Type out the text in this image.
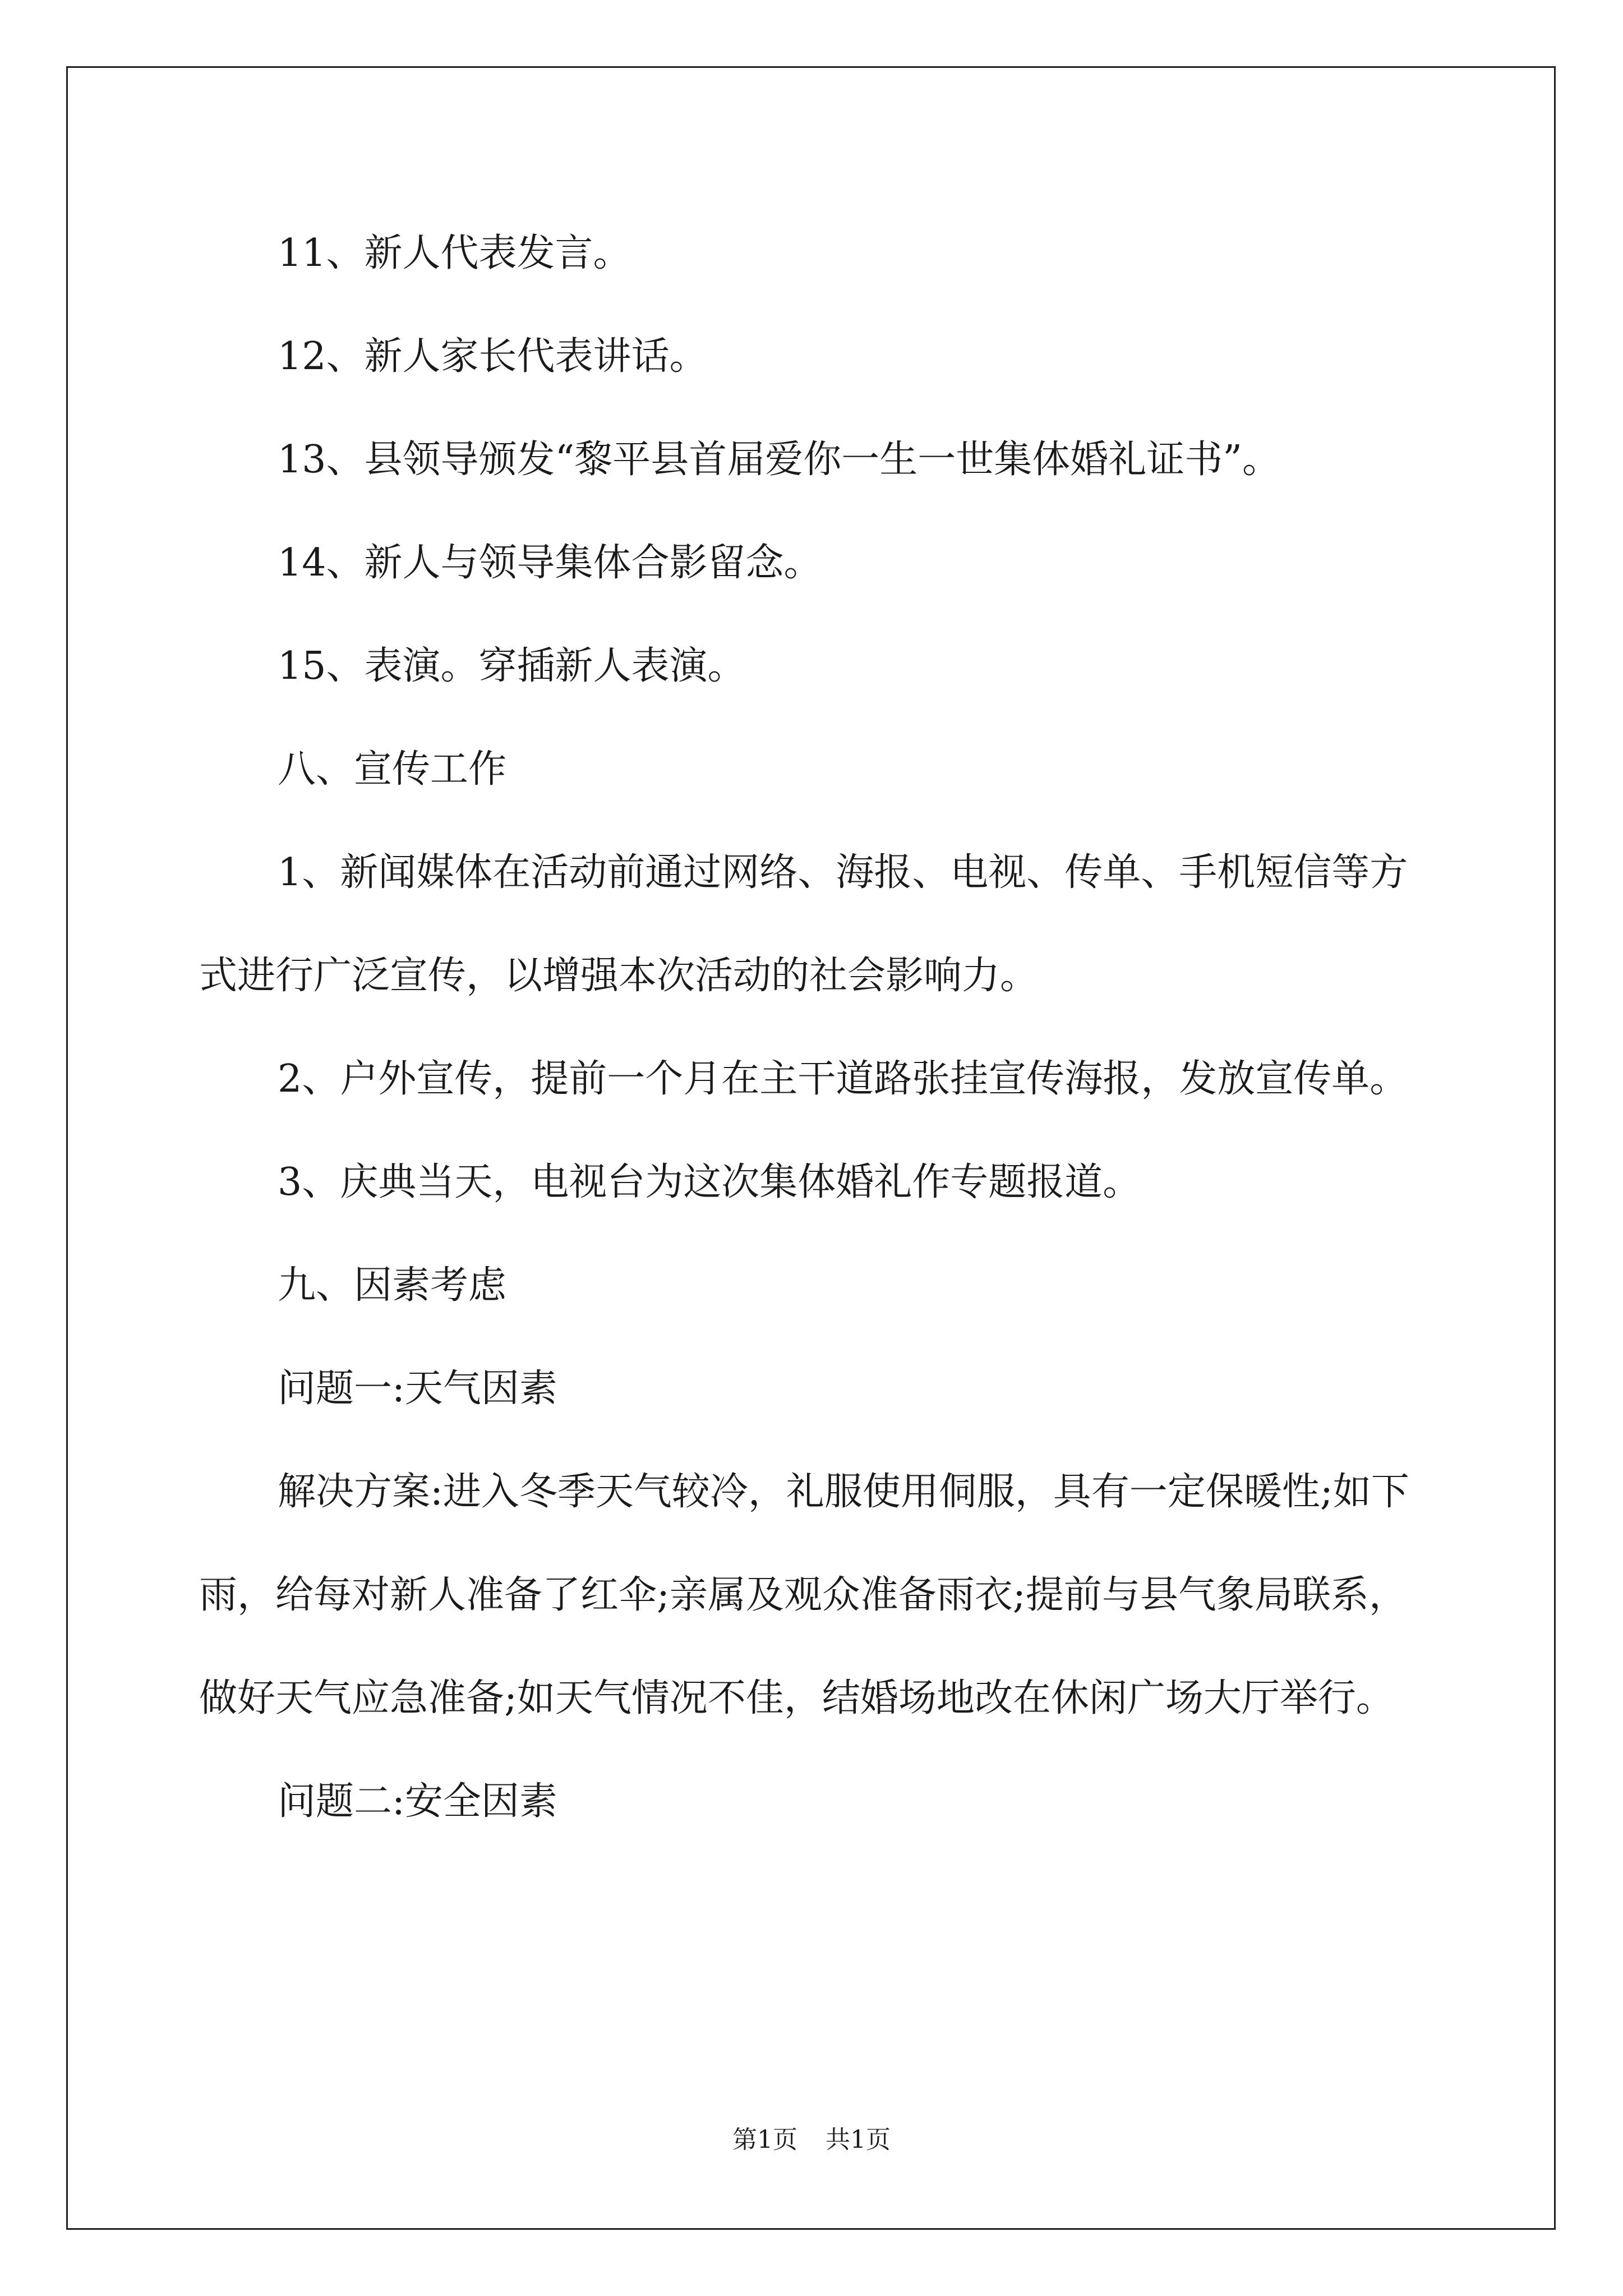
11、新人代表发言。

12、新人家长代表讲话。

13、县领导颁发“黎平县首届爱你一生一世集体婚礼证书”。

14、新人与领导集体合影留念。

15、表演。穿插新人表演。

八、宣传工作

1、新闻媒体在活动前通过网络、海报、电视、传单、手机短信等方式进行广泛宣传，以增强本次活动的社会影响力。

2、户外宣传，提前一个月在主干道路张挂宣传海报，发放宣传单。

3、庆典当天，电视台为这次集体婚礼作专题报道。

九、因素考虑

问题一:天气因素

解决方案:进入冬季天气较冷，礼服使用侗服，具有一定保暖性;如下雨，给每对新人准备了红伞;亲属及观众准备雨衣;提前与县气象局联系，做好天气应急准备;如天气情况不佳，结婚场地改在休闲广场大厅举行。

问题二:安全因素

第1页 共1页
